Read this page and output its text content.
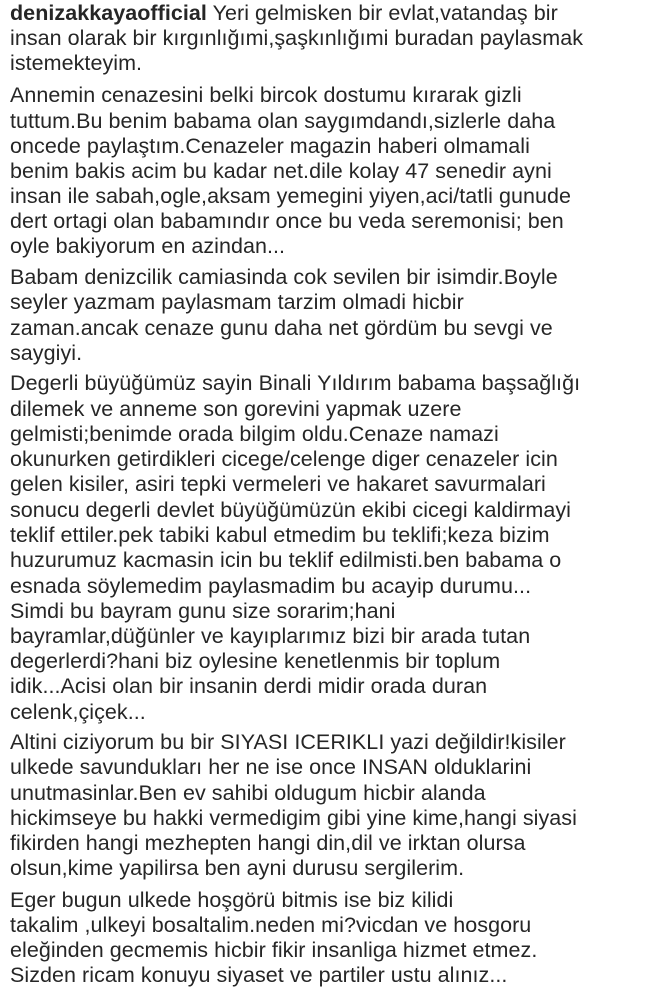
denizakkayaofficial Yeri gelmisken bir evlat,vatandaş bir
insan olarak bir kırgınlığımi,şaşkınlığımi buradan paylasmak
istemekteyim.
Annemin cenazesini belki bircok dostumu kırarak gizli
tuttum.Bu benim babama olan saygımdandı,sizlerle daha
oncede paylaştım.Cenazeler magazin haberi olmamali
benim bakis acim bu kadar net.dile kolay 47 senedir ayni
insan ile sabah,ogle,aksam yemegini yiyen,aci/tatli gunude
dert ortagi olan babamındır once bu veda seremonisi; ben
oyle bakiyorum en azindan...
Babam denizcilik camiasinda cok sevilen bir isimdir.Boyle
seyler yazmam paylasmam tarzim olmadi hicbir
zaman.ancak cenaze gunu daha net gördüm bu sevgi ve
saygiyi.
Degerli büyüğümüz sayin Binali Yıldırım babama başsağlığı
dilemek ve anneme son gorevini yapmak uzere
gelmisti;benimde orada bilgim oldu.Cenaze namazi
okunurken getirdikleri cicege/celenge diger cenazeler icin
gelen kisiler, asiri tepki vermeleri ve hakaret savurmalari
sonucu degerli devlet büyüğümüzün ekibi cicegi kaldirmayi
teklif ettiler.pek tabiki kabul etmedim bu teklifi;keza bizim
huzurumuz kacmasin icin bu teklif edilmisti.ben babama o
esnada söylemedim paylasmadim bu acayip durumu...
Simdi bu bayram gunu size sorarim;hani
bayramlar,düğünler ve kayıplarımız bizi bir arada tutan
degerlerdi?hani biz oylesine kenetlenmis bir toplum
idik...Acisi olan bir insanin derdi midir orada duran
celenk,çiçek...
Altini ciziyorum bu bir SIYASI ICERIKLI yazi değildir!kisiler
ulkede savundukları her ne ise once INSAN olduklarini
unutmasinlar.Ben ev sahibi oldugum hicbir alanda
hickimseye bu hakki vermedigim gibi yine kime,hangi siyasi
fikirden hangi mezhepten hangi din,dil ve irktan olursa
olsun,kime yapilirsa ben ayni durusu sergilerim.
Eger bugun ulkede hoşgörü bitmis ise biz kilidi
takalim ,ulkeyi bosaltalim.neden mi?vicdan ve hosgoru
eleğinden gecmemis hicbir fikir insanliga hizmet etmez.
Sizden ricam konuyu siyaset ve partiler ustu alınız...
